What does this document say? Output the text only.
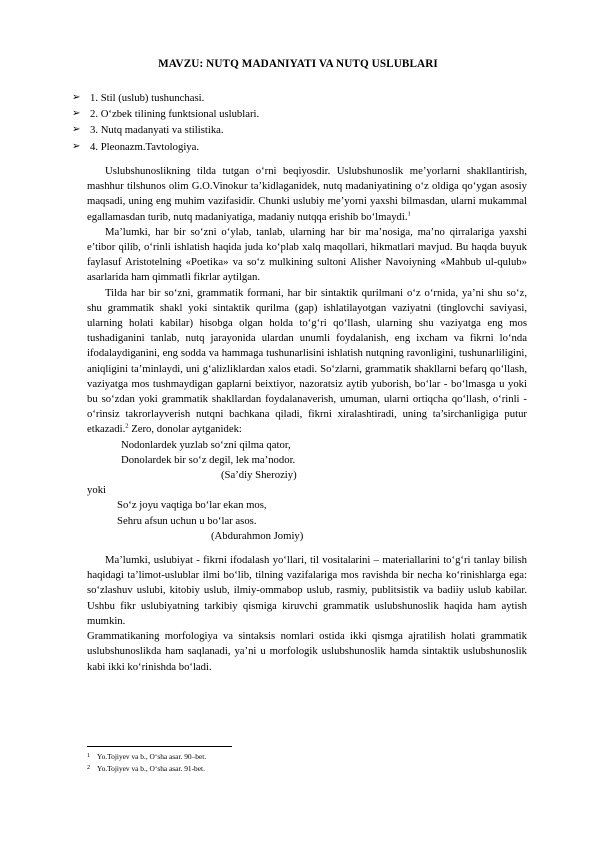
MAVZU: NUTQ MADANIYATI VA NUTQ USLUBLARI
➢ 1. Stil (uslub) tushunchasi.
➢ 2. O‘zbek tilining funktsional uslublari.
➢ 3. Nutq madanyati va stilistika.
➢ 4. Pleonazm.Tavtologiya.

Uslubshunoslikning tilda tutgan o‘rni beqiyosdir. Uslubshunoslik me’yorlarni shakllantirish, mashhur tilshunos olim G.O.Vinokur ta’kidlaganidek, nutq madaniyatining o‘z oldiga qo‘ygan asosiy maqsadi, uning eng muhim vazifasidir. Chunki uslubiy me’yorni yaxshi bilmasdan, ularni mukammal egallamasdan turib, nutq madaniyatiga, madaniy nutqqa erishib bo‘lmaydi.$^1$

Ma’lumki, har bir so‘zni o‘ylab, tanlab, ularning har bir ma’nosiga, ma’no qirralariga yaxshi e’tibor qilib, o‘rinli ishlatish haqida juda ko‘plab xalq maqollari, hikmatlari mavjud. Bu haqda buyuk faylasuf Aristotelning «Poetika» va so‘z mulkining sultoni Alisher Navoiyning «Mahbub ul-qulub» asarlarida ham qimmatli fikrlar aytilgan.

Tilda har bir so‘zni, grammatik formani, har bir sintaktik qurilmani o‘z o‘rnida, ya’ni shu so‘z, shu grammatik shakl yoki sintaktik qurilma (gap) ishlatilayotgan vaziyatni (tinglovchi saviyasi, ularning holati kabilar) hisobga olgan holda to‘g‘ri qo‘llash, ularning shu vaziyatga eng mos tushadiganini tanlab, nutq jarayonida ulardan unumli foydalanish, eng ixcham va fikrni lo‘nda ifodalaydiganini, eng sodda va hammaga tushunarlisini ishlatish nutqning ravonligini, tushunarliligini, aniqligini ta’minlaydi, uni g‘alizliklardan xalos etadi. So‘zlarni, grammatik shakllarni befarq qo‘llash, vaziyatga mos tushmaydigan gaplarni beixtiyor, nazoratsiz aytib yuborish, bo‘lar - bo‘lmasga u yoki bu so‘zdan yoki grammatik shakllardan foydalanaverish, umuman, ularni ortiqcha qo‘llash, o‘rinli - o‘rinsiz takrorlayverish nutqni bachkana qiladi, fikrni xiralashtiradi, uning ta’sirchanligiga putur etkazadi.$^2$ Zero, donolar aytganidek:

Nodonlardek yuzlab so‘zni qilma qator,
Donolardek bir so‘z degil, lek ma’nodor.
(Sa’diy Sheroziy)
yoki
So‘z joyu vaqtiga bo‘lar ekan mos,
Sehru afsun uchun u bo‘lar asos.
(Abdurahmon Jomiy)

Ma’lumki, uslubiyat - fikrni ifodalash yo‘llari, til vositalarini – materiallarini to‘g‘ri tanlay bilish haqidagi ta’limot-uslublar ilmi bo‘lib, tilning vazifalariga mos ravishda bir necha ko‘rinishlarga ega: so‘zlashuv uslubi, kitobiy uslub, ilmiy-ommabop uslub, rasmiy, publitsistik va badiiy uslub kabilar. Ushbu fikr uslubiyatning tarkibiy qismiga kiruvchi grammatik uslubshunoslik haqida ham aytish mumkin.

Grammatikaning morfologiya va sintaksis nomlari ostida ikki qismga ajratilish holati grammatik uslubshunoslikda ham saqlanadi, ya’ni u morfologik uslubshunoslik hamda sintaktik uslubshunoslik kabi ikki ko‘rinishda bo‘ladi.

1 Yo.Tojiyev va b., O‘sha asar. 90–bet.
2 Yo.Tojiyev va b., O‘sha asar. 91-bet.
